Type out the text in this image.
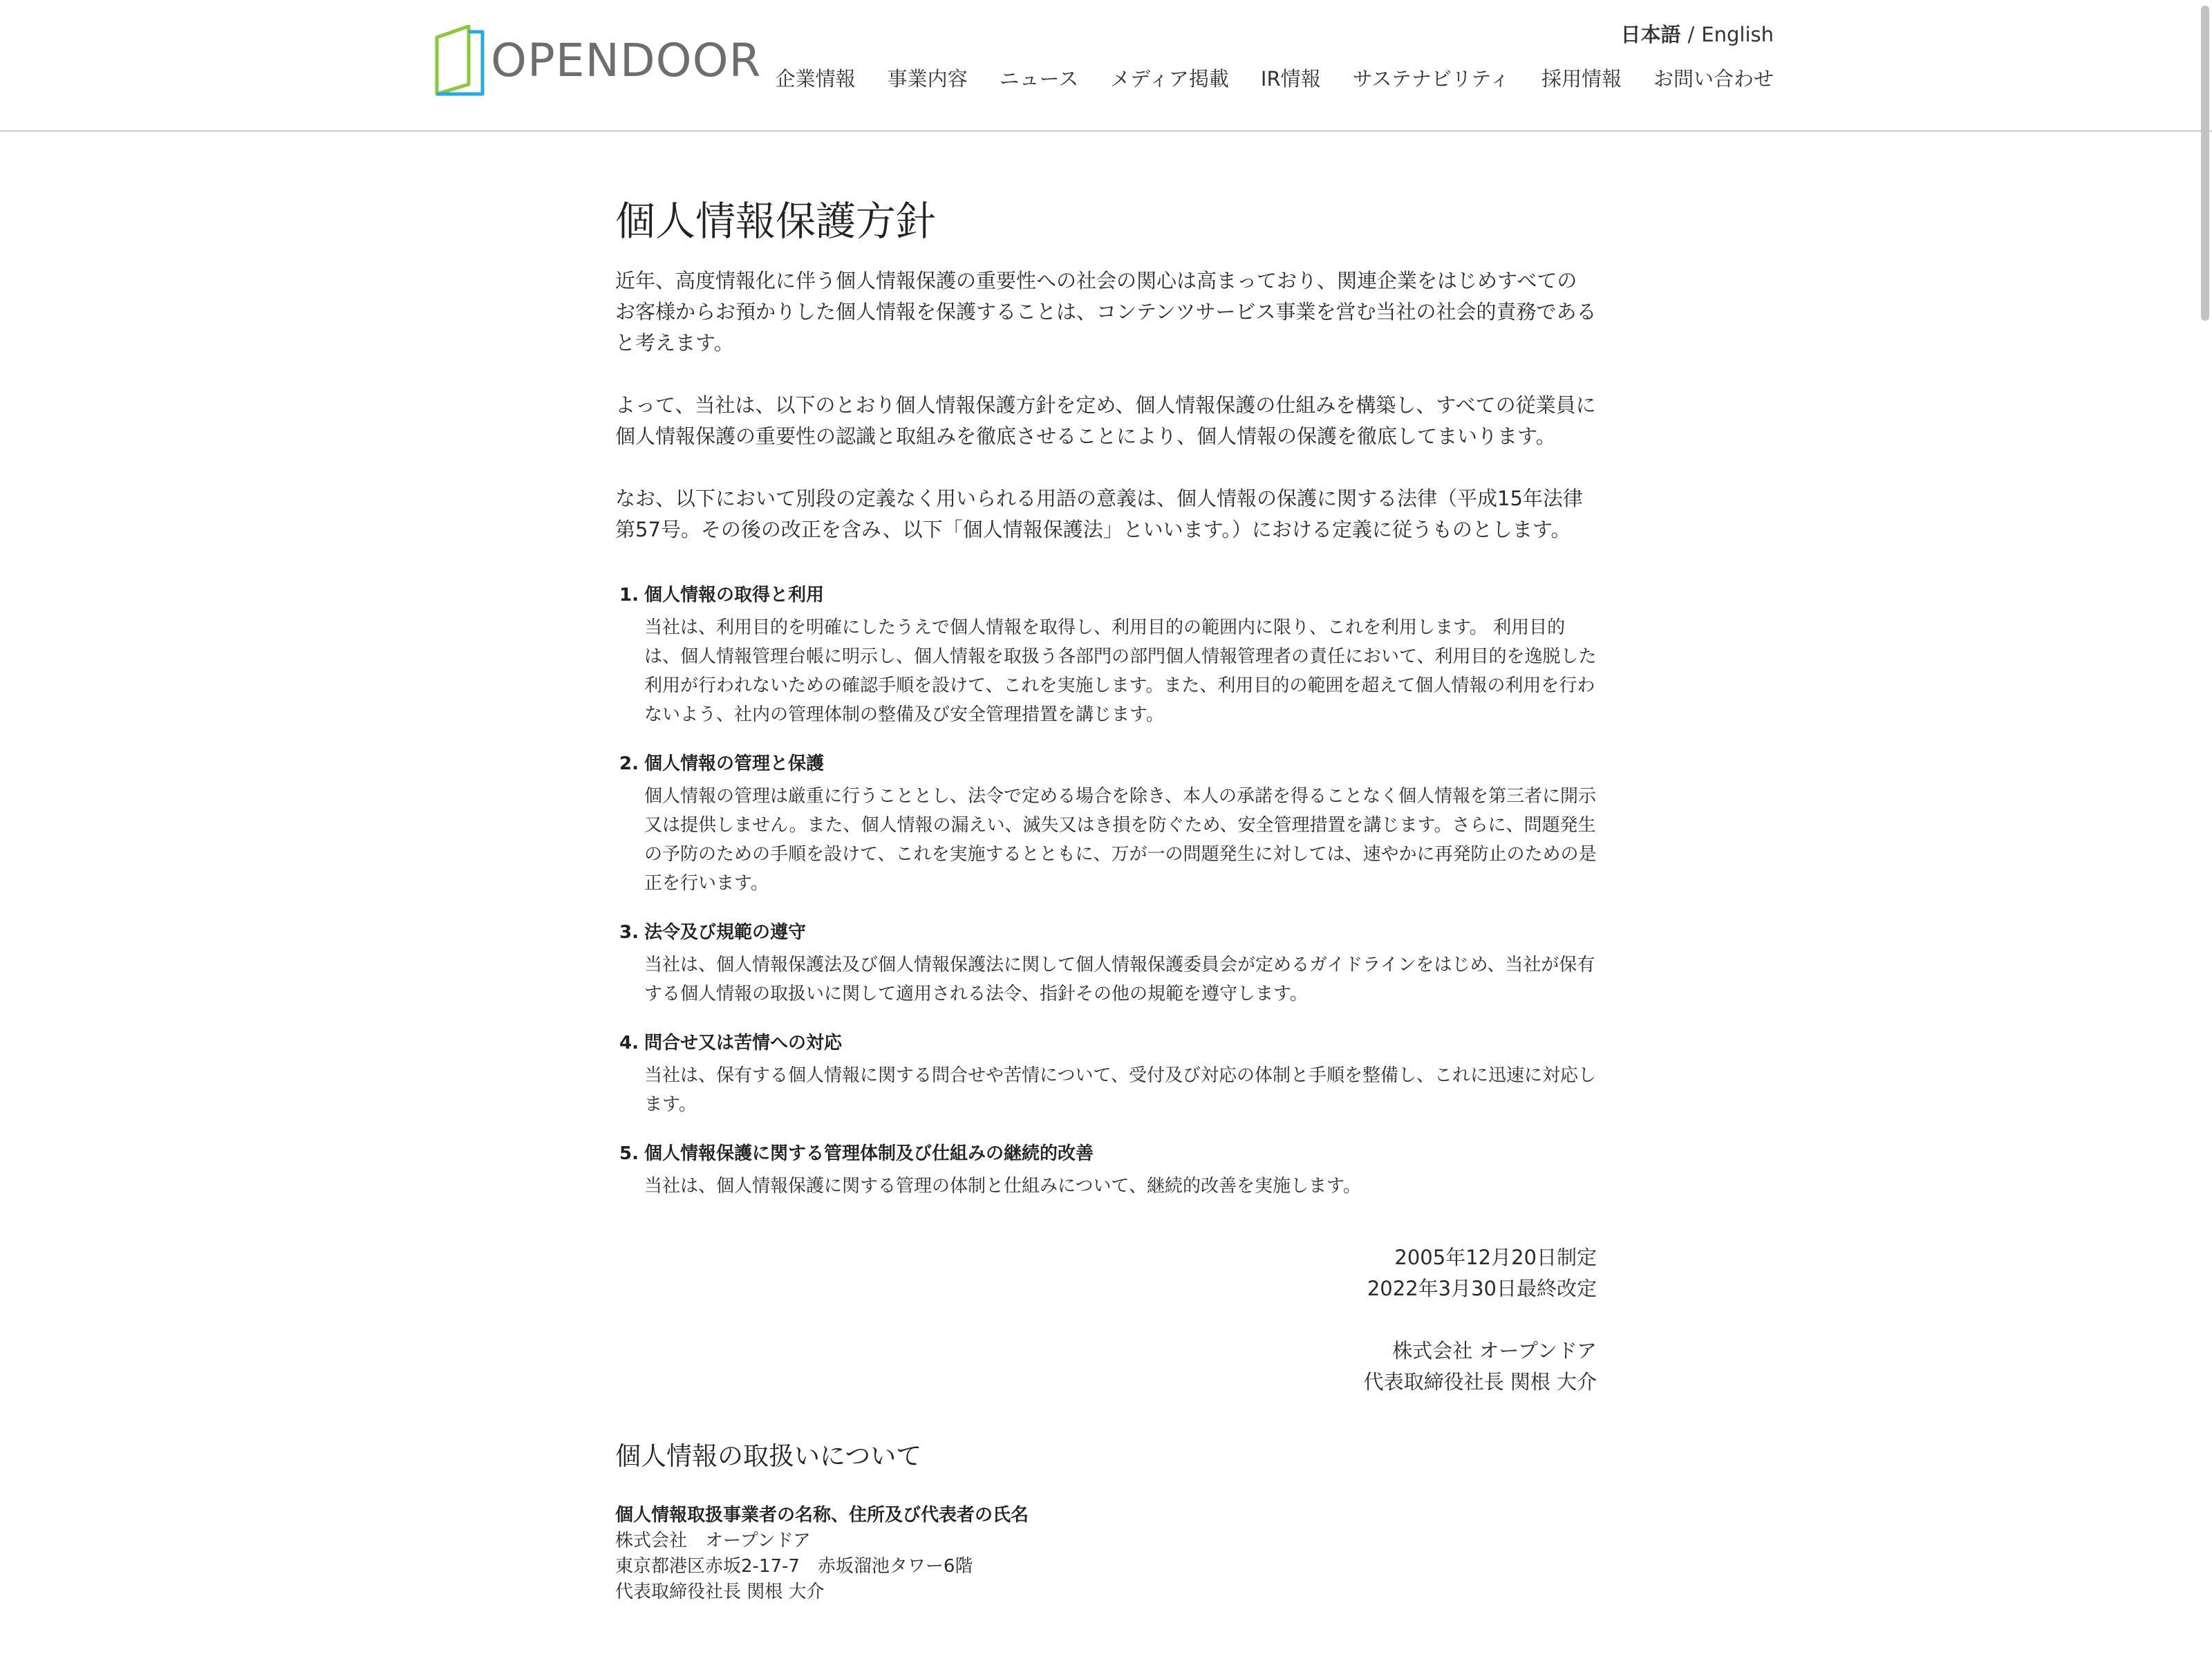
OPENDOOR	日本語 / English
企業情報 事業内容 ニュース メディア掲載 IR情報 サステナビリティ 採用情報 お問い合わせ
個人情報保護方針

近年、高度情報化に伴う個人情報保護の重要性への社会の関心は高まっており、関連企業をはじめすべてのお客様からお預かりした個人情報を保護することは、コンテンツサービス事業を営む当社の社会的責務であると考えます。

よって、当社は、以下のとおり個人情報保護方針を定め、個人情報保護の仕組みを構築し、すべての従業員に個人情報保護の重要性の認識と取組みを徹底させることにより、個人情報の保護を徹底してまいります。

なお、以下において別段の定義なく用いられる用語の意義は、個人情報の保護に関する法律（平成15年法律第57号。その後の改正を含み、以下「個人情報保護法」といいます。）における定義に従うものとします。

1. 個人情報の取得と利用
当社は、利用目的を明確にしたうえで個人情報を取得し、利用目的の範囲内に限り、これを利用します。 利用目的は、個人情報管理台帳に明示し、個人情報を取扱う各部門の部門個人情報管理者の責任において、利用目的を逸脱した利用が行われないための確認手順を設けて、これを実施します。また、利用目的の範囲を超えて個人情報の利用を行わないよう、社内の管理体制の整備及び安全管理措置を講じます。
2. 個人情報の管理と保護
個人情報の管理は厳重に行うこととし、法令で定める場合を除き、本人の承諾を得ることなく個人情報を第三者に開示又は提供しません。また、個人情報の漏えい、滅失又はき損を防ぐため、安全管理措置を講じます。さらに、問題発生の予防のための手順を設けて、これを実施するとともに、万が一の問題発生に対しては、速やかに再発防止のための是正を行います。
3. 法令及び規範の遵守
当社は、個人情報保護法及び個人情報保護法に関して個人情報保護委員会が定めるガイドラインをはじめ、当社が保有する個人情報の取扱いに関して適用される法令、指針その他の規範を遵守します。
4. 問合せ又は苦情への対応
当社は、保有する個人情報に関する問合せや苦情について、受付及び対応の体制と手順を整備し、これに迅速に対応します。
5. 個人情報保護に関する管理体制及び仕組みの継続的改善
当社は、個人情報保護に関する管理の体制と仕組みについて、継続的改善を実施します。
2005年12月20日制定
2022年3月30日最終改定
株式会社 オープンドア
代表取締役社長 関根 大介
個人情報の取扱いについて
個人情報取扱事業者の名称、住所及び代表者の氏名
株式会社　オープンドア
東京都港区赤坂2-17-7　赤坂溜池タワー6階
代表取締役社長 関根 大介
